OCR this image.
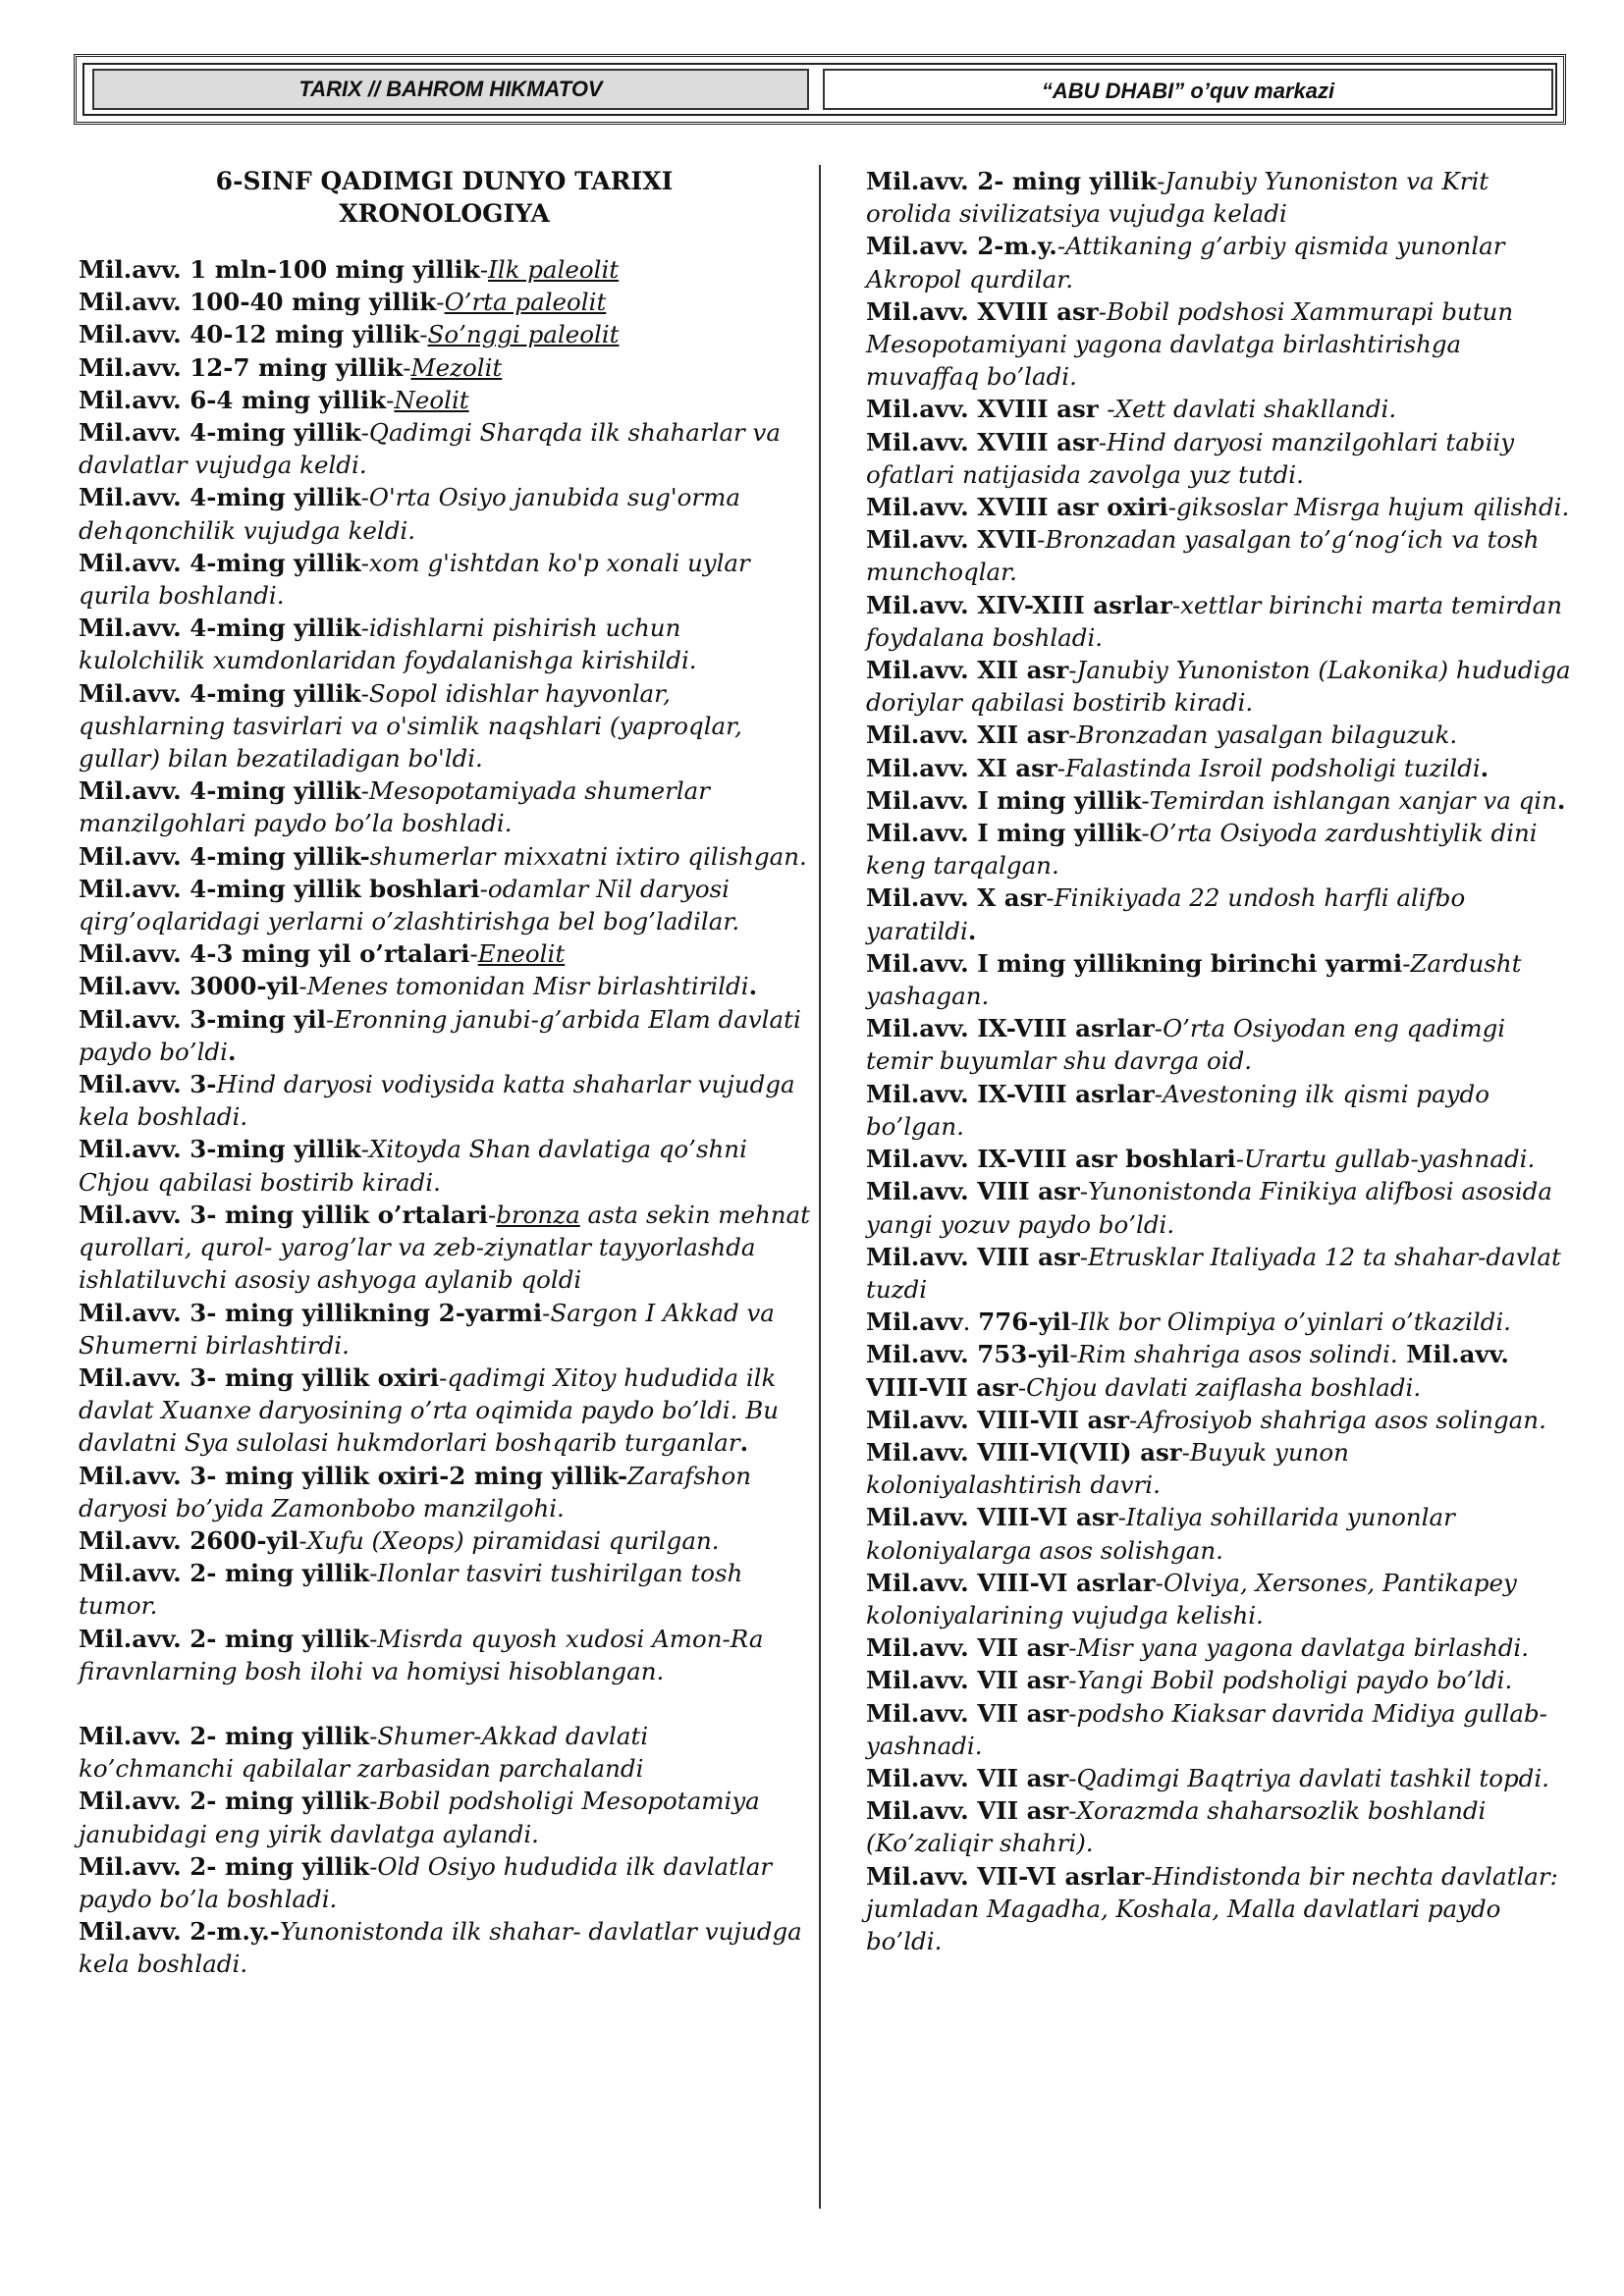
TARIX // BAHROM HIKMATOV	“ABU DHABI” o’quv markazi
6-SINF QADIMGI DUNYO TARIXI
XRONOLOGIYA
Mil.avv. 1 mln-100 ming yillik-Ilk paleolit
Mil.avv. 100-40 ming yillik-O’rta paleolit
Mil.avv. 40-12 ming yillik-So’nggi paleolit
Mil.avv. 12-7 ming yillik-Mezolit
Mil.avv. 6-4 ming yillik-Neolit
Mil.avv. 4-ming yillik-Qadimgi Sharqda ilk shaharlar va davlatlar vujudga keldi.
Mil.avv. 4-ming yillik-O'rta Osiyo janubida sug'orma dehqonchilik vujudga keldi.
Mil.avv. 4-ming yillik-xom g'ishtdan ko'p xonali uylar qurila boshlandi.
Mil.avv. 4-ming yillik-idishlarni pishirish uchun kulolchilik xumdonlaridan foydalanishga kirishildi.
Mil.avv. 4-ming yillik-Sopol idishlar hayvonlar, qushlarning tasvirlari va o'simlik naqshlari (yaproqlar, gullar) bilan bezatiladigan bo'ldi.
Mil.avv. 4-ming yillik-Mesopotamiyada shumerlar manzilgohlari paydo bo’la boshladi.
Mil.avv. 4-ming yillik-shumerlar mixxatni ixtiro qilishgan.
Mil.avv. 4-ming yillik boshlari-odamlar Nil daryosi qirg’oqlaridagi yerlarni o’zlashtirishga bel bog’ladilar.
Mil.avv. 4-3 ming yil o’rtalari-Eneolit
Mil.avv. 3000-yil-Menes tomonidan Misr birlashtirildi.
Mil.avv. 3-ming yil-Eronning janubi-g’arbida Elam davlati paydo bo’ldi.
Mil.avv. 3-Hind daryosi vodiysida katta shaharlar vujudga kela boshladi.
Mil.avv. 3-ming yillik-Xitoyda Shan davlatiga qo’shni Chjou qabilasi bostirib kiradi.
Mil.avv. 3- ming yillik o’rtalari-bronza asta sekin mehnat qurollari, qurol- yarog’lar va zeb-ziynatlar tayyorlashda ishlatiluvchi asosiy ashyoga aylanib qoldi
Mil.avv. 3- ming yillikning 2-yarmi-Sargon I Akkad va Shumerni birlashtirdi.
Mil.avv. 3- ming yillik oxiri-qadimgi Xitoy hududida ilk davlat Xuanxe daryosining o’rta oqimida paydo bo’ldi. Bu davlatni Sya sulolasi hukmdorlari boshqarib turganlar.
Mil.avv. 3- ming yillik oxiri-2 ming yillik-Zarafshon daryosi bo’yida Zamonbobo manzilgohi.
Mil.avv. 2600-yil-Xufu (Xeops) piramidasi qurilgan.
Mil.avv. 2- ming yillik-Ilonlar tasviri tushirilgan tosh tumor.
Mil.avv. 2- ming yillik-Misrda quyosh xudosi Amon-Ra firavnlarning bosh ilohi va homiysi hisoblangan.
Mil.avv. 2- ming yillik-Shumer-Akkad davlati ko’chmanchi qabilalar zarbasidan parchalandi
Mil.avv. 2- ming yillik-Bobil podsholigi Mesopotamiya janubidagi eng yirik davlatga aylandi.
Mil.avv. 2- ming yillik-Old Osiyo hududida ilk davlatlar paydo bo’la boshladi.
Mil.avv. 2-m.y.-Yunonistonda ilk shahar- davlatlar vujudga kela boshladi.
Mil.avv. 2- ming yillik-Janubiy Yunoniston va Krit orolida sivilizatsiya vujudga keladi
Mil.avv. 2-m.y.-Attikaning g’arbiy qismida yunonlar Akropol qurdilar.
Mil.avv. XVIII asr-Bobil podshosi Xammurapi butun Mesopotamiyani yagona davlatga birlashtirishga muvaffaq bo’ladi.
Mil.avv. XVIII asr -Xett davlati shakllandi.
Mil.avv. XVIII asr-Hind daryosi manzilgohlari tabiiy ofatlari natijasida zavolga yuz tutdi.
Mil.avv. XVIII asr oxiri-giksoslar Misrga hujum qilishdi.
Mil.avv. XVII-Bronzadan yasalgan to’g‘nog‘ich va tosh munchoqlar.
Mil.avv. XIV-XIII asrlar-xettlar birinchi marta temirdan foydalana boshladi.
Mil.avv. XII asr-Janubiy Yunoniston (Lakonika) hududiga doriylar qabilasi bostirib kiradi.
Mil.avv. XII asr-Bronzadan yasalgan bilaguzuk.
Mil.avv. XI asr-Falastinda Isroil podsholigi tuzildi.
Mil.avv. I ming yillik-Temirdan ishlangan xanjar va qin.
Mil.avv. I ming yillik-O’rta Osiyoda zardushtiylik dini keng tarqalgan.
Mil.avv. X asr-Finikiyada 22 undosh harfli alifbo yaratildi.
Mil.avv. I ming yillikning birinchi yarmi-Zardusht yashagan.
Mil.avv. IX-VIII asrlar-O’rta Osiyodan eng qadimgi temir buyumlar shu davrga oid.
Mil.avv. IX-VIII asrlar-Avestoning ilk qismi paydo bo’lgan.
Mil.avv. IX-VIII asr boshlari-Urartu gullab-yashnadi.
Mil.avv. VIII asr-Yunonistonda Finikiya alifbosi asosida yangi yozuv paydo bo’ldi.
Mil.avv. VIII asr-Etrusklar Italiyada 12 ta shahar-davlat tuzdi
Mil.avv. 776-yil-Ilk bor Olimpiya o’yinlari o’tkazildi.
Mil.avv. 753-yil-Rim shahriga asos solindi. Mil.avv. VIII-VII asr-Chjou davlati zaiflasha boshladi.
Mil.avv. VIII-VII asr-Afrosiyob shahriga asos solingan.
Mil.avv. VIII-VI(VII) asr-Buyuk yunon koloniyalashtirish davri.
Mil.avv. VIII-VI asr-Italiya sohillarida yunonlar koloniyalarga asos solishgan.
Mil.avv. VIII-VI asrlar-Olviya, Xersones, Pantikapey koloniyalarining vujudga kelishi.
Mil.avv. VII asr-Misr yana yagona davlatga birlashdi.
Mil.avv. VII asr-Yangi Bobil podsholigi paydo bo’ldi.
Mil.avv. VII asr-podsho Kiaksar davrida Midiya gullab-yashnadi.
Mil.avv. VII asr-Qadimgi Baqtriya davlati tashkil topdi.
Mil.avv. VII asr-Xorazmda shaharsozlik boshlandi (Ko’zaliqir shahri).
Mil.avv. VII-VI asrlar-Hindistonda bir nechta davlatlar: jumladan Magadha, Koshala, Malla davlatlari paydo bo’ldi.
